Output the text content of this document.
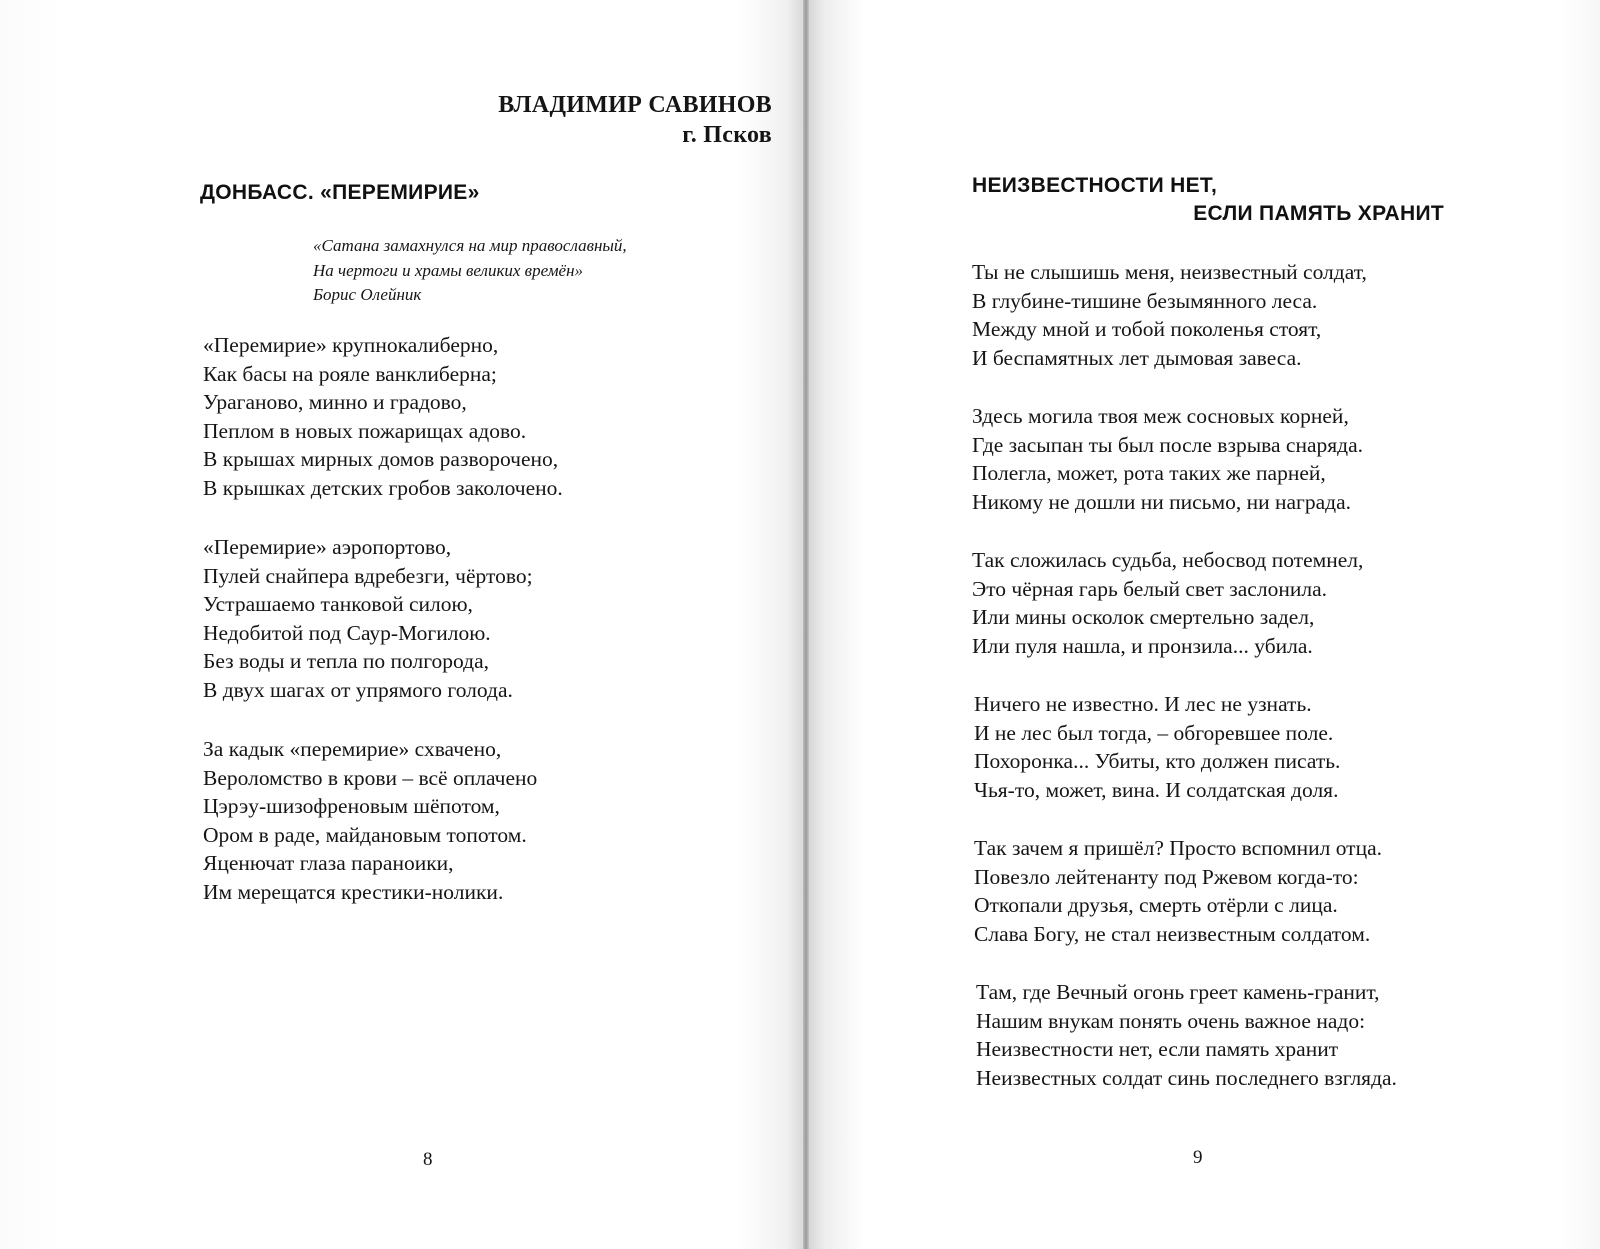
ВЛАДИМИР САВИНОВ
г. Псков
ДОНБАСС. «ПЕРЕМИРИЕ»
«Сатана замахнулся на мир православный,
На чертоги и храмы великих времён»
Борис Олейник
«Перемирие» крупнокалиберно,
Как басы на рояле ванклиберна;
Ураганово, минно и градово,
Пеплом в новых пожарищах адово.
В крышах мирных домов разворочено,
В крышках детских гробов заколочено.
«Перемирие» аэропортово,
Пулей снайпера вдребезги, чёртово;
Устрашаемо танковой силою,
Недобитой под Саур-Могилою.
Без воды и тепла по полгорода,
В двух шагах от упрямого голода.
За кадык «перемирие» схвачено,
Вероломство в крови – всё оплачено
Цэрэу-шизофреновым шёпотом,
Ором в раде, майдановым топотом.
Яценючат глаза параноики,
Им мерещатся крестики-нолики.
8
НЕИЗВЕСТНОСТИ НЕТ,
ЕСЛИ ПАМЯТЬ ХРАНИТ
Ты не слышишь меня, неизвестный солдат,
В глубине-тишине безымянного леса.
Между мной и тобой поколенья стоят,
И беспамятных лет дымовая завеса.
Здесь могила твоя меж сосновых корней,
Где засыпан ты был после взрыва снаряда.
Полегла, может, рота таких же парней,
Никому не дошли ни письмо, ни награда.
Так сложилась судьба, небосвод потемнел,
Это чёрная гарь белый свет заслонила.
Или мины осколок смертельно задел,
Или пуля нашла, и пронзила... убила.
Ничего не известно. И лес не узнать.
И не лес был тогда, – обгоревшее поле.
Похоронка... Убиты, кто должен писать.
Чья-то, может, вина. И солдатская доля.
Так зачем я пришёл? Просто вспомнил отца.
Повезло лейтенанту под Ржевом когда-то:
Откопали друзья, смерть отёрли с лица.
Слава Богу, не стал неизвестным солдатом.
Там, где Вечный огонь греет камень-гранит,
Нашим внукам понять очень важное надо:
Неизвестности нет, если память хранит
Неизвестных солдат синь последнего взгляда.
9
